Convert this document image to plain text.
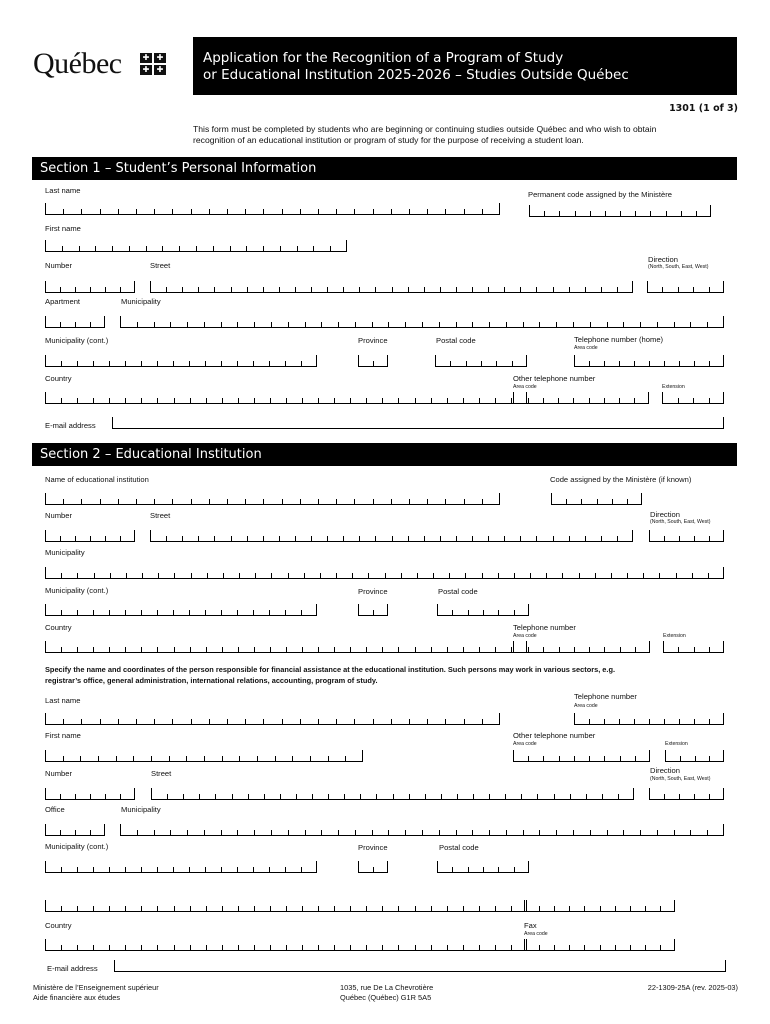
Québec	✚ ✚
✚ ✚
Application for the Recognition of a Program of Study
or Educational Institution 2025-2026 – Studies Outside Québec
1301 (1 of 3)
This form must be completed by students who are beginning or continuing studies outside Québec and who wish to obtain
recognition of an educational institution or program of study for the purpose of receiving a student loan.
Section 1 – Student’s Personal Information
Last name	Permanent code assigned by the Ministère
First name
Number	Street
Direction
(North, South, East, West)
Apartment	Municipality
Municipality (cont.)	Province	Postal code	Telephone number (home)
Area code
Country	Other telephone number
Area code	Extension
E-mail address
Section 2 – Educational Institution
Name of educational institution	Code assigned by the Ministère (if known)
Number	Street	Direction
(North, South, East, West)
Municipality
Municipality (cont.)	Province	Postal code
Country	Telephone number
Area code	Extension
Specify the name and coordinates of the person responsible for financial assistance at the educational institution. Such persons may work in various sectors, e.g.
registrar’s office, general administration, international relations, accounting, program of study.
Last name	Telephone number
Area code
First name	Other telephone number
Area code	Extension
Number	Street	Direction
(North, South, East, West)
Office	Municipality
Municipality (cont.)	Province	Postal code
Country	Fax
Area code
E-mail address
Ministère de l’Enseignement supérieur
Aide financière aux études
1035, rue De La Chevrotière
Québec (Québec) G1R 5A5
22-1309-25A (rev. 2025-03)
